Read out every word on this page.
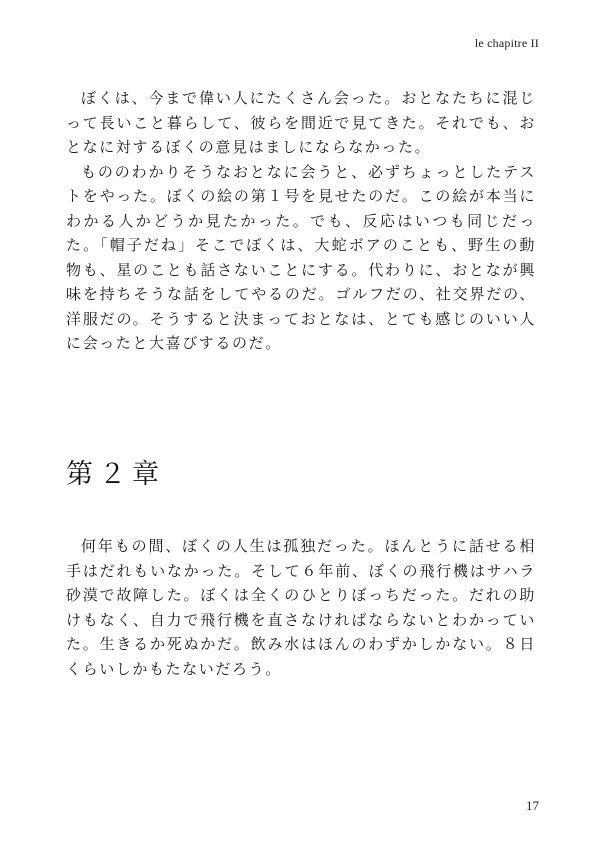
le chapitre II

ぼくは、今まで偉い人にたくさん会った。おとなたちに混じって長いこと暮らして、彼らを間近で見てきた。それでも、おとなに対するぼくの意見はましにならなかった。

もののわかりそうなおとなに会うと、必ずちょっとしたテストをやった。ぼくの絵の第１号を見せたのだ。この絵が本当にわかる人かどうか見たかった。でも、反応はいつも同じだった。「帽子だね」そこでぼくは、大蛇ボアのことも、野生の動物も、星のことも話さないことにする。代わりに、おとなが興味を持ちそうな話をしてやるのだ。ゴルフだの、社交界だの、洋服だの。そうすると決まっておとなは、とても感じのいい人に会ったと大喜びするのだ。

第２章

何年もの間、ぼくの人生は孤独だった。ほんとうに話せる相手はだれもいなかった。そして６年前、ぼくの飛行機はサハラ砂漠で故障した。ぼくは全くのひとりぼっちだった。だれの助けもなく、自力で飛行機を直さなければならないとわかっていた。生きるか死ぬかだ。飲み水はほんのわずかしかない。８日くらいしかもたないだろう。

17
